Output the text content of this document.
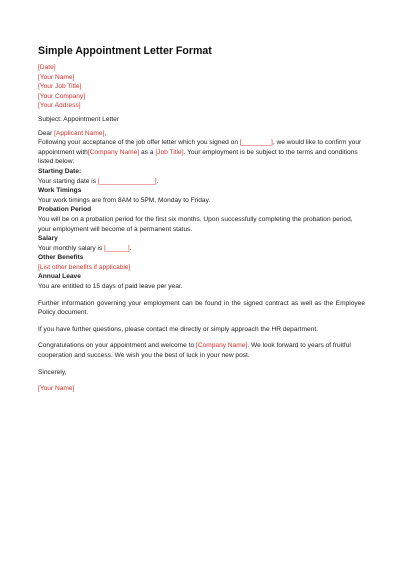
Simple Appointment Letter Format
[Date]
[Your Name]
[Your Job Title]
[Your Company]
[Your Address]
Subject: Appointment Letter
Dear [Applicant Name],

Following your acceptance of the job offer letter which you signed on [________], we would like to confirm your appointment with[Company Name] as a [Job Title]. Your employment is be subject to the terms and conditions listed below:

Starting Date:
Your starting date is [_______________].
Work Timings
Your work timings are from 8AM to 5PM, Monday to Friday.
Probation Period

You will be on a probation period for the first six months. Upon successfully completing the probation period, your employment will become of a permanent status.

Salary
Your monthly salary is [______].
Other Benefits
[List other benefits if applicable]
Annual Leave
You are entitled to 15 days of paid leave per year.

Further information governing your employment can be found in the signed contract as well as the Employee Policy document.

If you have further questions, please contact me directly or simply approach the HR department.

Congratulations on your appointment and welcome to [Company Name]. We look forward to years of fruitful cooperation and success. We wish you the best of luck in your new post.

Sincerely,
[Your Name]
